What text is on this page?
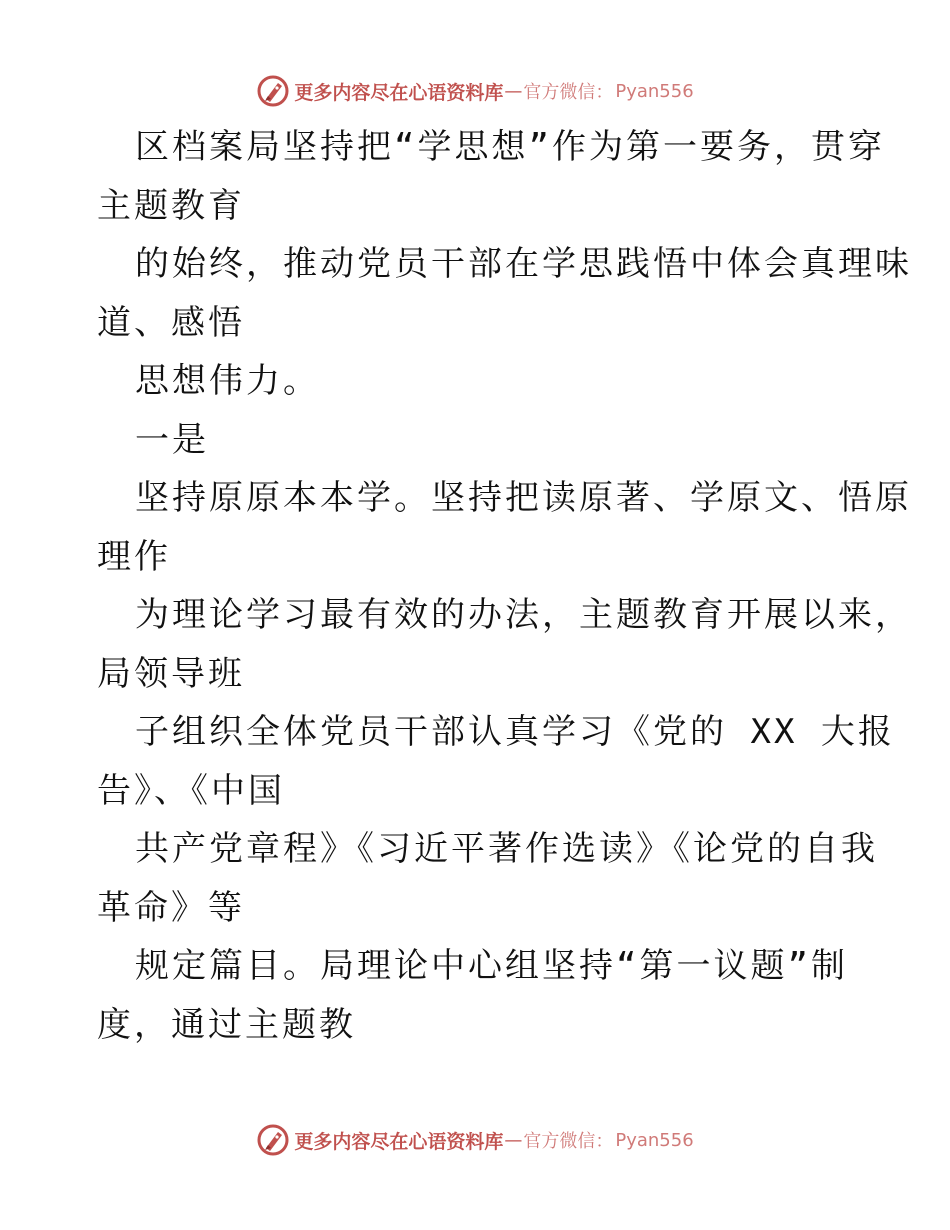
更多内容尽在心语资料库 — 官方微信： Pyan556
区档案局坚持把“学思想”作为第一要务，贯穿
主题教育
的始终，推动党员干部在学思践悟中体会真理味
道、感悟
思想伟力。
一是
坚持原原本本学。坚持把读原著、学原文、悟原
理作
为理论学习最有效的办法，主题教育开展以来，
局领导班
子组织全体党员干部认真学习《党的 XX 大报
告》、《中国
共产党章程》《习近平著作选读》《论党的自我
革命》等
规定篇目。局理论中心组坚持“第一议题”制
度，通过主题教
更多内容尽在心语资料库 — 官方微信： Pyan556
